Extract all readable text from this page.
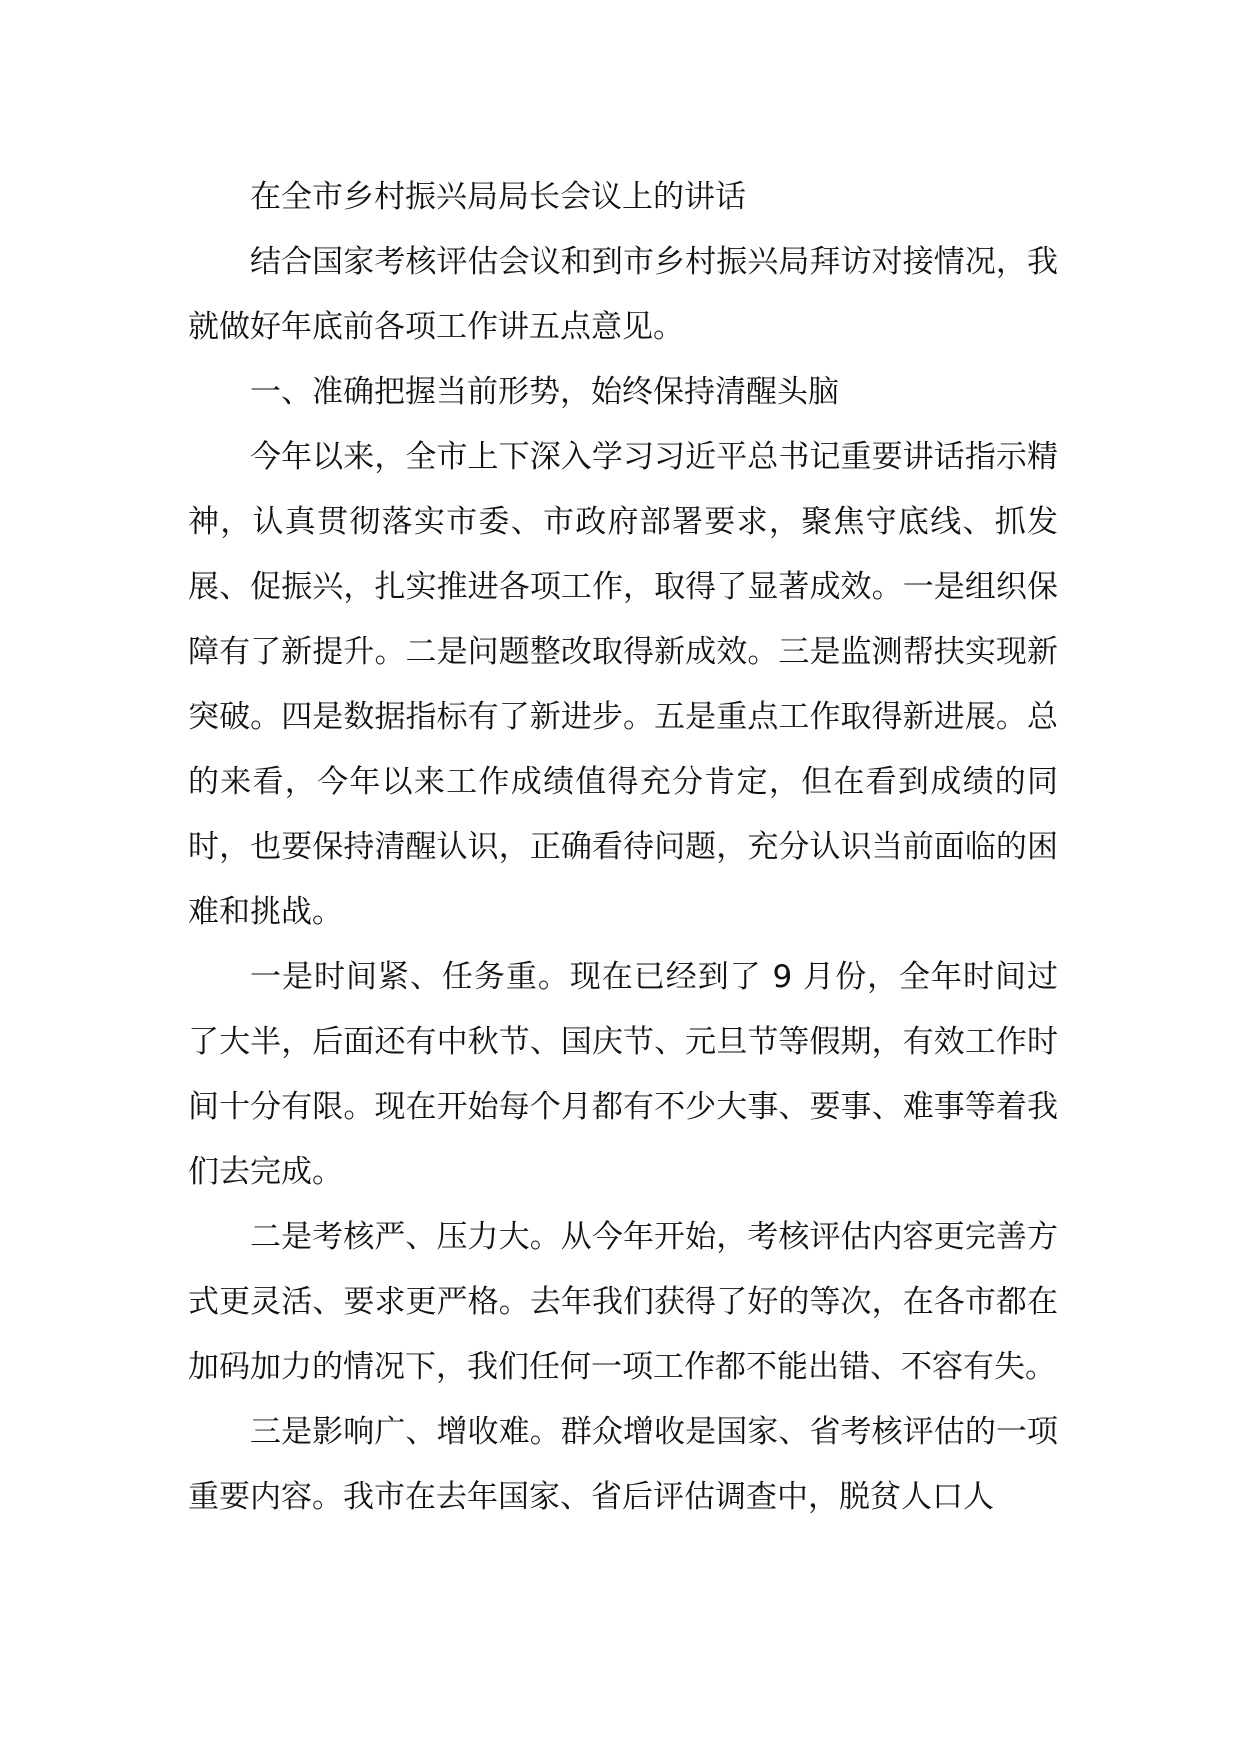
在全市乡村振兴局局长会议上的讲话

结合国家考核评估会议和到市乡村振兴局拜访对接情况，我就做好年底前各项工作讲五点意见。

一、准确把握当前形势，始终保持清醒头脑

今年以来，全市上下深入学习习近平总书记重要讲话指示精神，认真贯彻落实市委、市政府部署要求，聚焦守底线、抓发展、促振兴，扎实推进各项工作，取得了显著成效。一是组织保障有了新提升。二是问题整改取得新成效。三是监测帮扶实现新突破。四是数据指标有了新进步。五是重点工作取得新进展。总的来看，今年以来工作成绩值得充分肯定，但在看到成绩的同时，也要保持清醒认识，正确看待问题，充分认识当前面临的困难和挑战。

一是时间紧、任务重。现在已经到了 9 月份，全年时间过了大半，后面还有中秋节、国庆节、元旦节等假期，有效工作时间十分有限。现在开始每个月都有不少大事、要事、难事等着我们去完成。

二是考核严、压力大。从今年开始，考核评估内容更完善方式更灵活、要求更严格。去年我们获得了好的等次，在各市都在加码加力的情况下，我们任何一项工作都不能出错、不容有失。

三是影响广、增收难。群众增收是国家、省考核评估的一项重要内容。我市在去年国家、省后评估调查中，脱贫人口人
